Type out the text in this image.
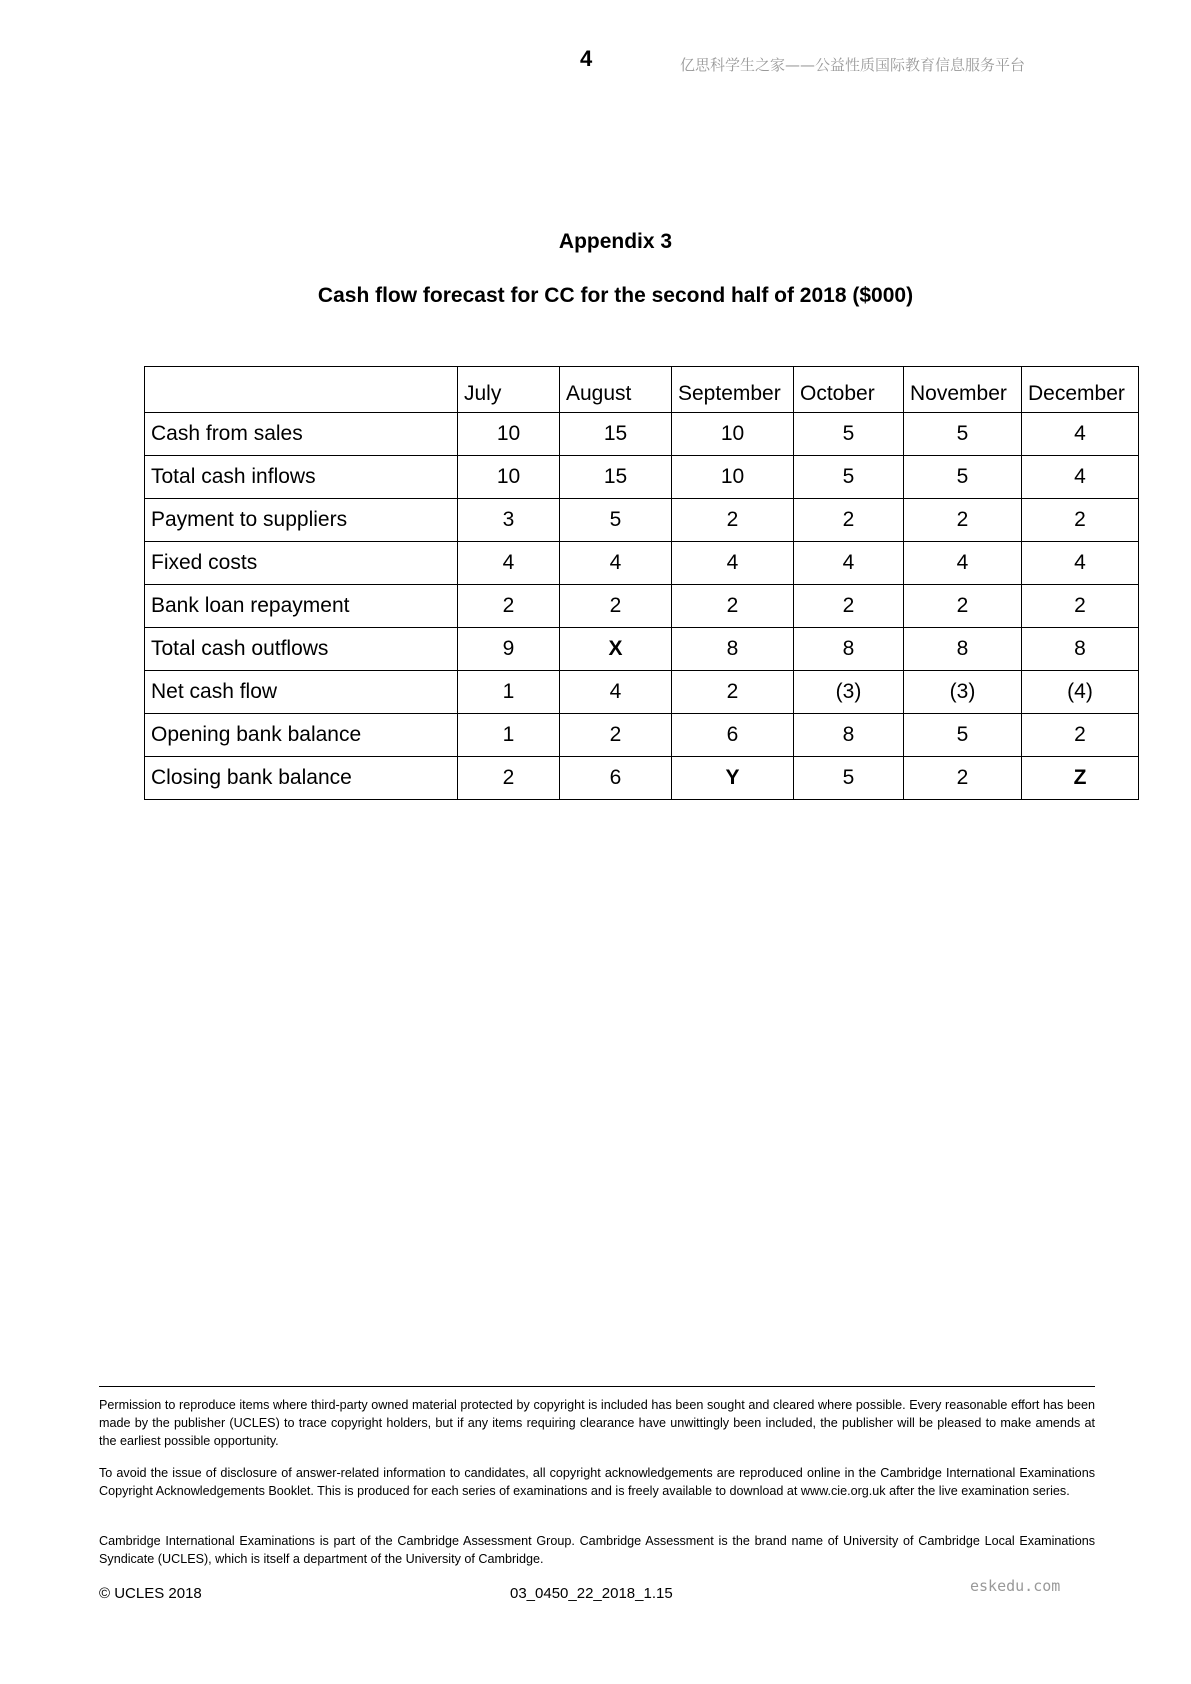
4	亿思科学生之家——公益性质国际教育信息服务平台
Appendix 3
Cash flow forecast for CC for the second half of 2018 ($000)
	July	August	September	October	November	December
Cash from sales	10	15	10	5	5	4
Total cash inflows	10	15	10	5	5	4
Payment to suppliers	3	5	2	2	2	2
Fixed costs	4	4	4	4	4	4
Bank loan repayment	2	2	2	2	2	2
Total cash outflows	9	X	8	8	8	8
Net cash flow	1	4	2	(3)	(3)	(4)
Opening bank balance	1	2	6	8	5	2
Closing bank balance	2	6	Y	5	2	Z
Permission to reproduce items where third-party owned material protected by copyright is included has been sought and cleared where possible. Every reasonable effort has been made by the publisher (UCLES) to trace copyright holders, but if any items requiring clearance have unwittingly been included, the publisher will be pleased to make amends at the earliest possible opportunity.
To avoid the issue of disclosure of answer-related information to candidates, all copyright acknowledgements are reproduced online in the Cambridge International Examinations Copyright Acknowledgements Booklet. This is produced for each series of examinations and is freely available to download at www.cie.org.uk after the live examination series.
Cambridge International Examinations is part of the Cambridge Assessment Group. Cambridge Assessment is the brand name of University of Cambridge Local Examinations Syndicate (UCLES), which is itself a department of the University of Cambridge.
© UCLES 2018	03_0450_22_2018_1.15	eskedu.com
